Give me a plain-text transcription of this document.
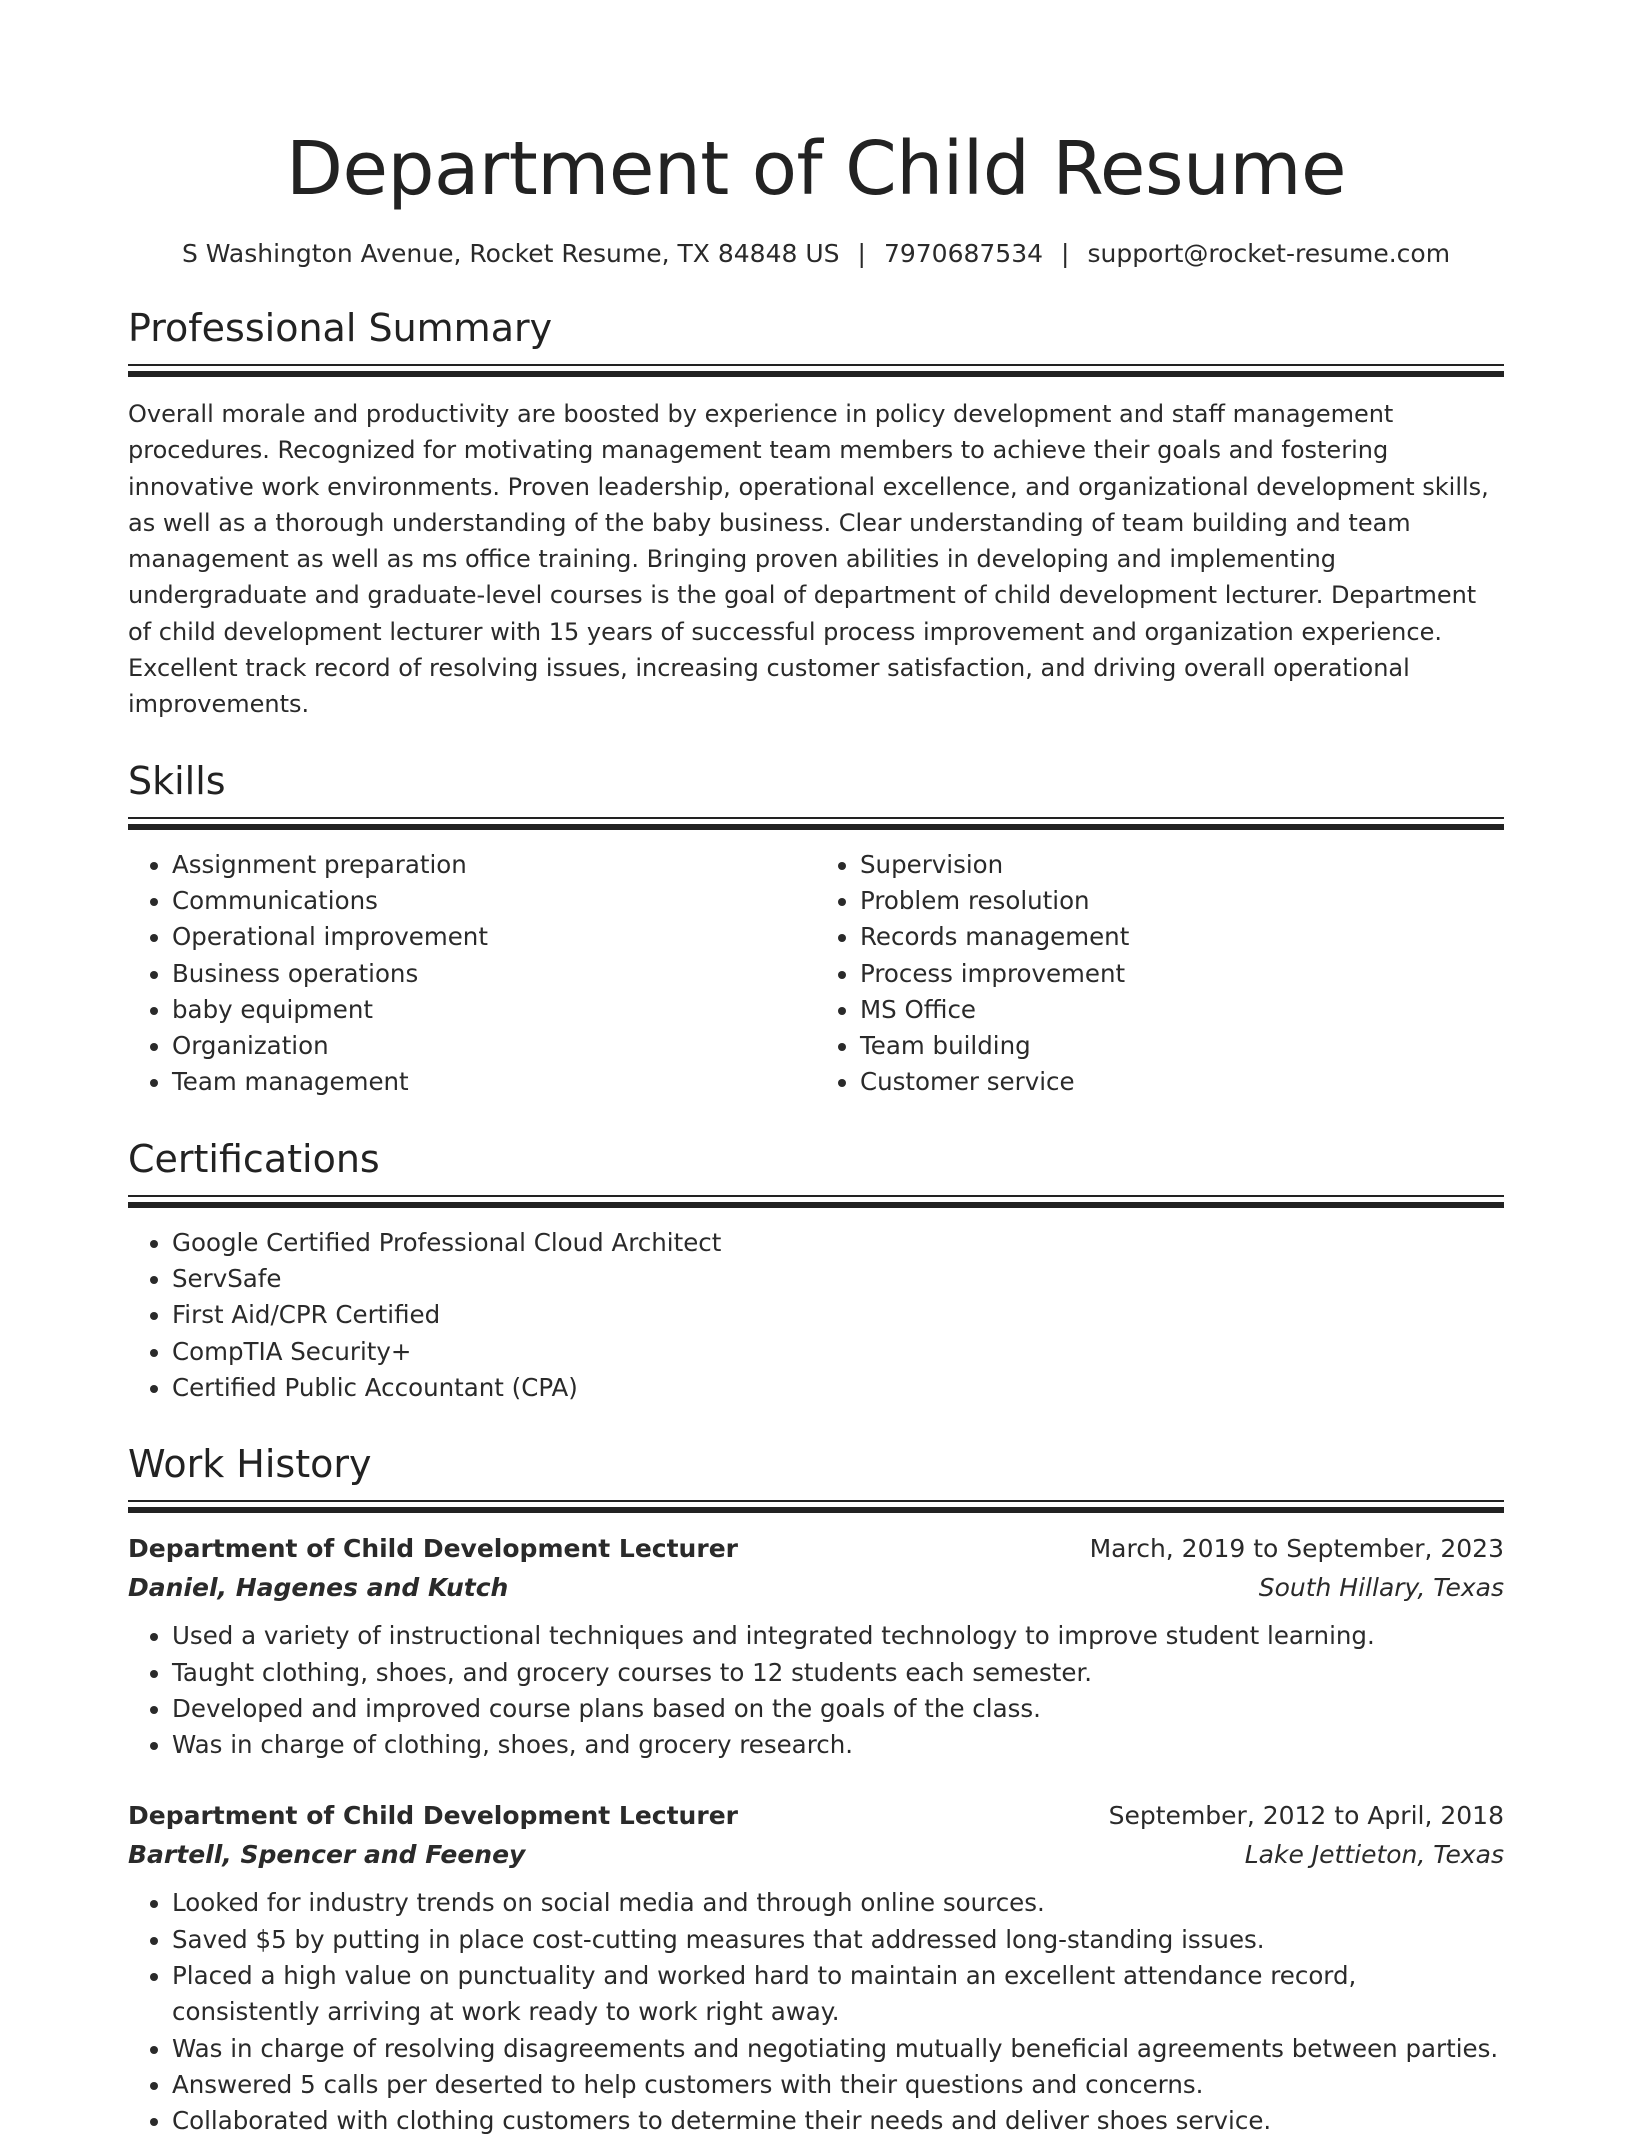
Department of Child Resume
S Washington Avenue, Rocket Resume, TX 84848 US | 7970687534 | support@rocket-resume.com
Professional Summary
Overall morale and productivity are boosted by experience in policy development and staff management procedures. Recognized for motivating management team members to achieve their goals and fostering innovative work environments. Proven leadership, operational excellence, and organizational development skills, as well as a thorough understanding of the baby business. Clear understanding of team building and team management as well as ms office training. Bringing proven abilities in developing and implementing undergraduate and graduate-level courses is the goal of department of child development lecturer. Department of child development lecturer with 15 years of successful process improvement and organization experience. Excellent track record of resolving issues, increasing customer satisfaction, and driving overall operational improvements.
Skills
• Assignment preparation
• Communications
• Operational improvement
• Business operations
• baby equipment
• Organization
• Team management
• Supervision
• Problem resolution
• Records management
• Process improvement
• MS Office
• Team building
• Customer service
Certifications
• Google Certified Professional Cloud Architect
• ServSafe
• First Aid/CPR Certified
• CompTIA Security+
• Certified Public Accountant (CPA)
Work History
Department of Child Development Lecturer	March, 2019 to September, 2023
Daniel, Hagenes and Kutch	South Hillary, Texas
• Used a variety of instructional techniques and integrated technology to improve student learning.
• Taught clothing, shoes, and grocery courses to 12 students each semester.
• Developed and improved course plans based on the goals of the class.
• Was in charge of clothing, shoes, and grocery research.
Department of Child Development Lecturer	September, 2012 to April, 2018
Bartell, Spencer and Feeney	Lake Jettieton, Texas
• Looked for industry trends on social media and through online sources.
• Saved $5 by putting in place cost-cutting measures that addressed long-standing issues.
• Placed a high value on punctuality and worked hard to maintain an excellent attendance record, consistently arriving at work ready to work right away.
• Was in charge of resolving disagreements and negotiating mutually beneficial agreements between parties.
• Answered 5 calls per deserted to help customers with their questions and concerns.
• Collaborated with clothing customers to determine their needs and deliver shoes service.
